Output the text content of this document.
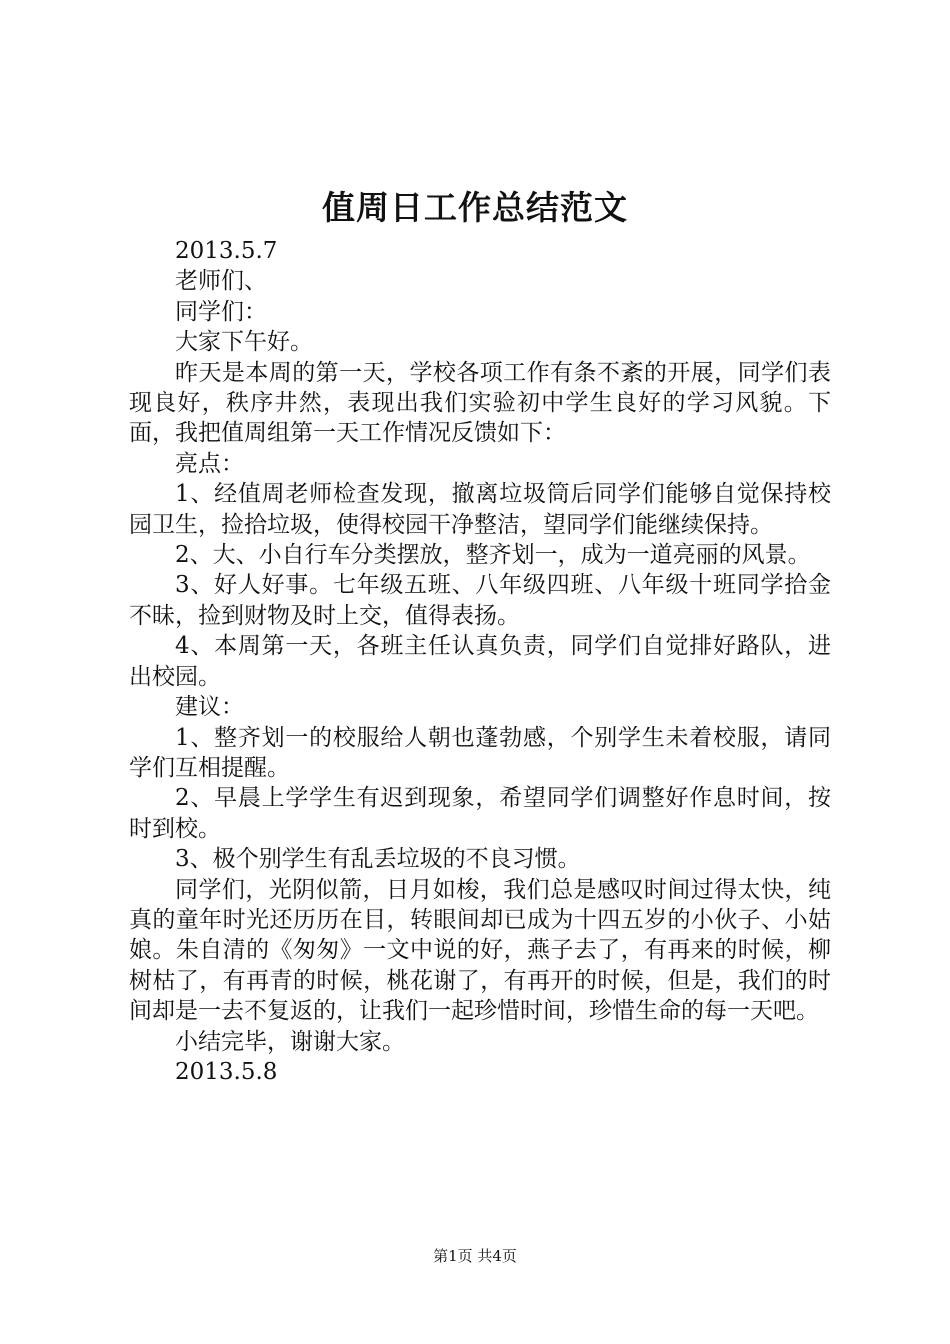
值周日工作总结范文

2013.5.7

老师们、

同学们：

大家下午好。

昨天是本周的第一天，学校各项工作有条不紊的开展，同学们表现良好，秩序井然，表现出我们实验初中学生良好的学习风貌。下面，我把值周组第一天工作情况反馈如下：

亮点：

1、经值周老师检查发现，撤离垃圾筒后同学们能够自觉保持校园卫生，捡拾垃圾，使得校园干净整洁，望同学们能继续保持。

2、大、小自行车分类摆放，整齐划一，成为一道亮丽的风景。

3、好人好事。七年级五班、八年级四班、八年级十班同学拾金不昧，捡到财物及时上交，值得表扬。

4、本周第一天，各班主任认真负责，同学们自觉排好路队，进出校园。

建议：

1、整齐划一的校服给人朝也蓬勃感，个别学生未着校服，请同学们互相提醒。

2、早晨上学学生有迟到现象，希望同学们调整好作息时间，按时到校。

3、极个别学生有乱丢垃圾的不良习惯。

同学们，光阴似箭，日月如梭，我们总是感叹时间过得太快，纯真的童年时光还历历在目，转眼间却已成为十四五岁的小伙子、小姑娘。朱自清的《匆匆》一文中说的好，燕子去了，有再来的时候，柳树枯了，有再青的时候，桃花谢了，有再开的时候，但是，我们的时间却是一去不复返的，让我们一起珍惜时间，珍惜生命的每一天吧。

小结完毕，谢谢大家。

2013.5.8

第1页 共4页
